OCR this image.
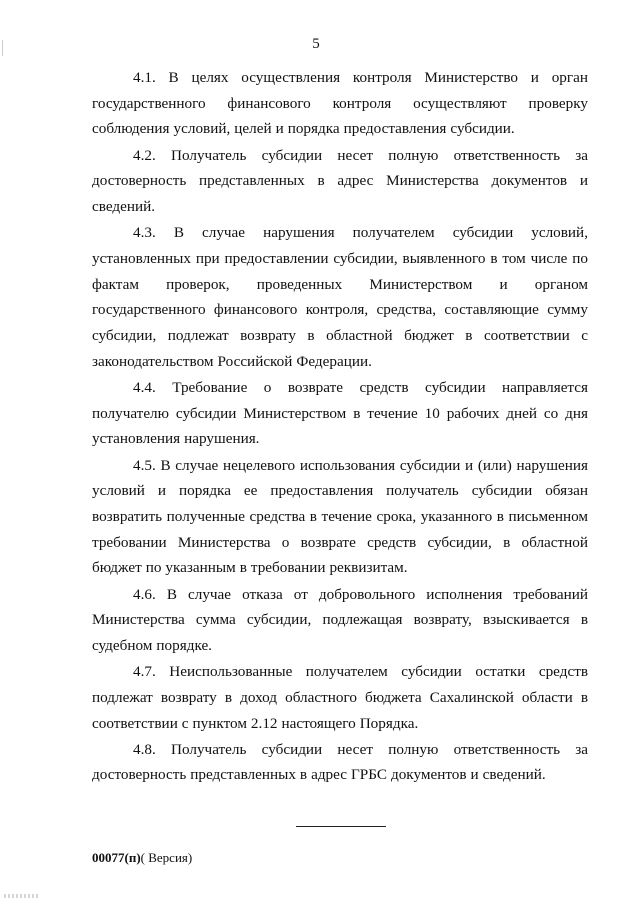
5

4.1. В целях осуществления контроля Министерство и орган государственного финансового контроля осуществляют проверку соблюдения условий, целей и порядка предоставления субсидии.

4.2. Получатель субсидии несет полную ответственность за достоверность представленных в адрес Министерства документов и сведений.

4.3. В случае нарушения получателем субсидии условий, установленных при предоставлении субсидии, выявленного в том числе по фактам проверок, проведенных Министерством и органом государственного финансового контроля, средства, составляющие сумму субсидии, подлежат возврату в областной бюджет в соответствии с законодательством Российской Федерации.

4.4. Требование о возврате средств субсидии направляется получателю субсидии Министерством в течение 10 рабочих дней со дня установления нарушения.

4.5. В случае нецелевого использования субсидии и (или) нарушения условий и порядка ее предоставления получатель субсидии обязан возвратить полученные средства в течение срока, указанного в письменном требовании Министерства о возврате средств субсидии, в областной бюджет по указанным в требовании реквизитам.

4.6. В случае отказа от добровольного исполнения требований Министерства сумма субсидии, подлежащая возврату, взыскивается в судебном порядке.

4.7. Неиспользованные получателем субсидии остатки средств подлежат возврату в доход областного бюджета Сахалинской области в соответствии с пунктом 2.12 настоящего Порядка.

4.8. Получатель субсидии несет полную ответственность за достоверность представленных в адрес ГРБС документов и сведений.

00077(п)( Версия)
